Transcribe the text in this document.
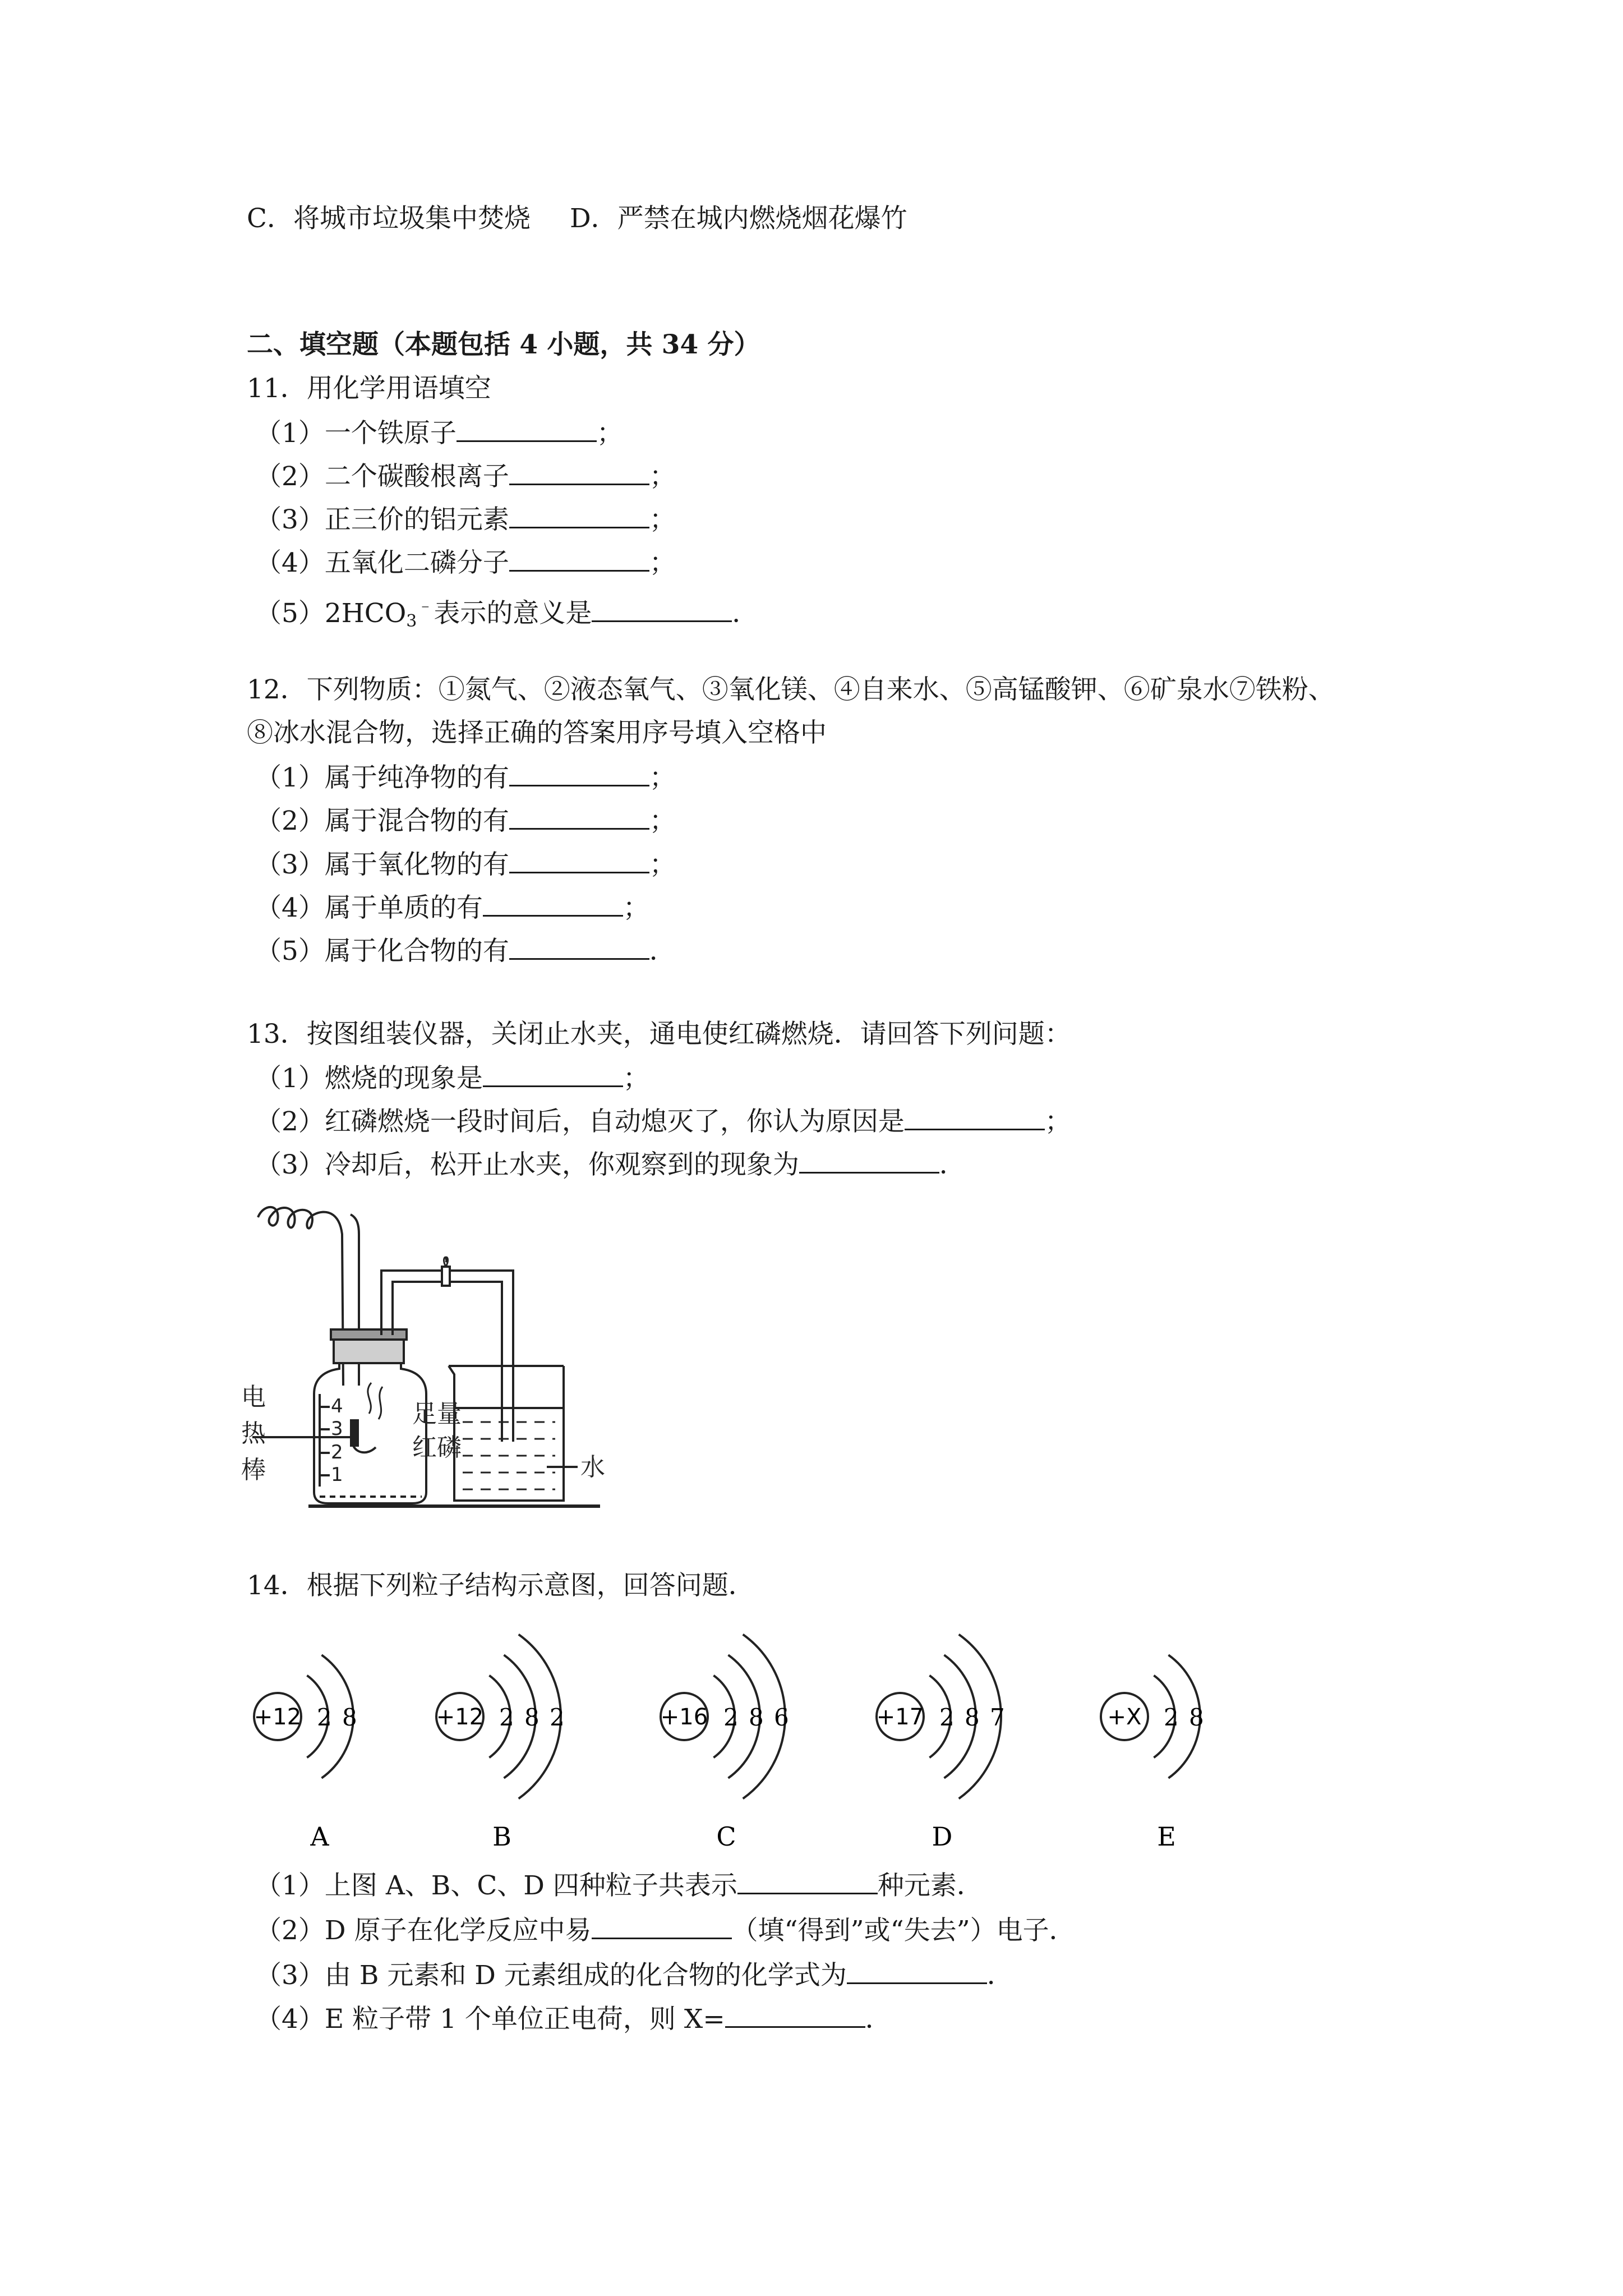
C．将城市垃圾集中焚烧 D．严禁在城内燃烧烟花爆竹
二、填空题（本题包括 4 小题，共 34 分）
11．用化学用语填空
（1）一个铁原子	；
（2）二个碳酸根离子	；
（3）正三价的铝元素	；
（4）五氧化二磷分子	；
$(5)2HCO_3^﹣$表示的意义是	．
12．下列物质：①氮气、②液态氧气、③氧化镁、④自来水、⑤高锰酸钾、⑥矿泉水⑦铁粉、
⑧冰水混合物，选择正确的答案用序号填入空格中
（1）属于纯净物的有	；
（2）属于混合物的有	；
（3）属于氧化物的有	；
（4）属于单质的有	；
（5）属于化合物的有	．
13．按图组装仪器，关闭止水夹，通电使红磷燃烧．请回答下列问题：
（1）燃烧的现象是	；
（2）红磷燃烧一段时间后，自动熄灭了，你认为原因是	；
（3）冷却后，松开止水夹，你观察到的现象为	．
电
热
棒
足量
红磷
水
4
3
2
1
14．根据下列粒子结构示意图，回答问题．
+12 2 8
A
+12 2 8 2
B
+16 2 8 6
C
+17 2 8 7
D
+X 2 8
E
（1）上图 A、B、C、D 四种粒子共表示	种元素．
（2）D 原子在化学反应中易	（填“得到”或“失去”）电子．
（3）由 B 元素和 D 元素组成的化合物的化学式为	．
（4）E 粒子带 1 个单位正电荷，则 X=	．
